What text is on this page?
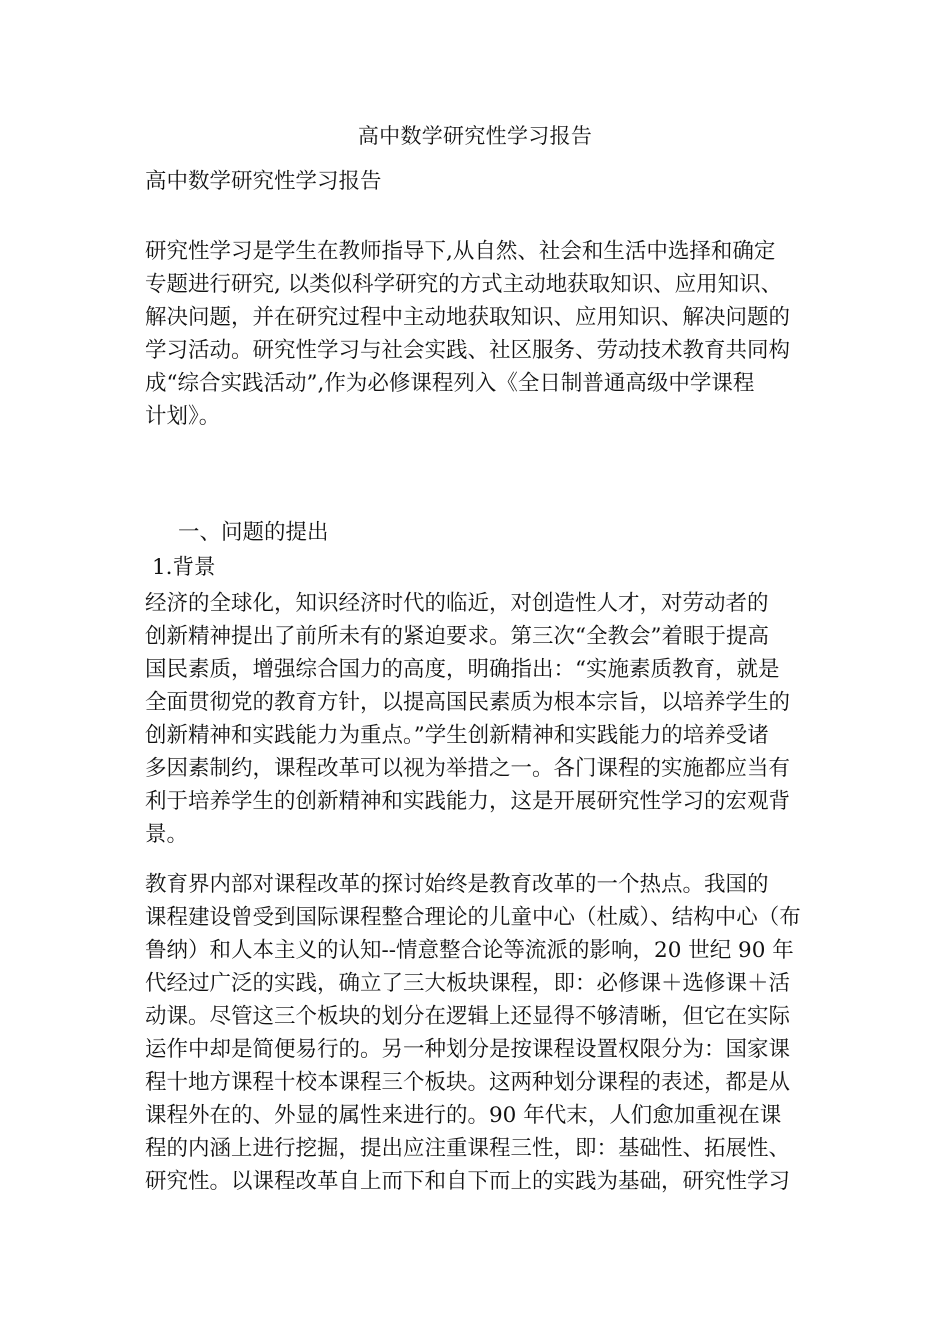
高中数学研究性学习报告
高中数学研究性学习报告
研究性学习是学生在教师指导下,从自然、社会和生活中选择和确定
专题进行研究, 以类似科学研究的方式主动地获取知识、应用知识、
解决问题，并在研究过程中主动地获取知识、应用知识、解决问题的
学习活动。研究性学习与社会实践、社区服务、劳动技术教育共同构
成“综合实践活动”,作为必修课程列入《全日制普通高级中学课程
计划》。
一、问题的提出
1.背景
经济的全球化，知识经济时代的临近，对创造性人才，对劳动者的
创新精神提出了前所未有的紧迫要求。第三次“全教会”着眼于提高
国民素质，增强综合国力的高度，明确指出：“实施素质教育，就是
全面贯彻党的教育方针，以提高国民素质为根本宗旨，以培养学生的
创新精神和实践能力为重点。”学生创新精神和实践能力的培养受诸
多因素制约，课程改革可以视为举措之一。各门课程的实施都应当有
利于培养学生的创新精神和实践能力，这是开展研究性学习的宏观背
景。
教育界内部对课程改革的探讨始终是教育改革的一个热点。我国的
课程建设曾受到国际课程整合理论的儿童中心（杜威）、结构中心（布
鲁纳）和人本主义的认知--情意整合论等流派的影响，20 世纪 90 年
代经过广泛的实践，确立了三大板块课程，即：必修课＋选修课＋活
动课。尽管这三个板块的划分在逻辑上还显得不够清晰，但它在实际
运作中却是简便易行的。另一种划分是按课程设置权限分为：国家课
程十地方课程十校本课程三个板块。这两种划分课程的表述，都是从
课程外在的、外显的属性来进行的。90 年代末，人们愈加重视在课
程的内涵上进行挖掘，提出应注重课程三性，即：基础性、拓展性、
研究性。以课程改革自上而下和自下而上的实践为基础，研究性学习
